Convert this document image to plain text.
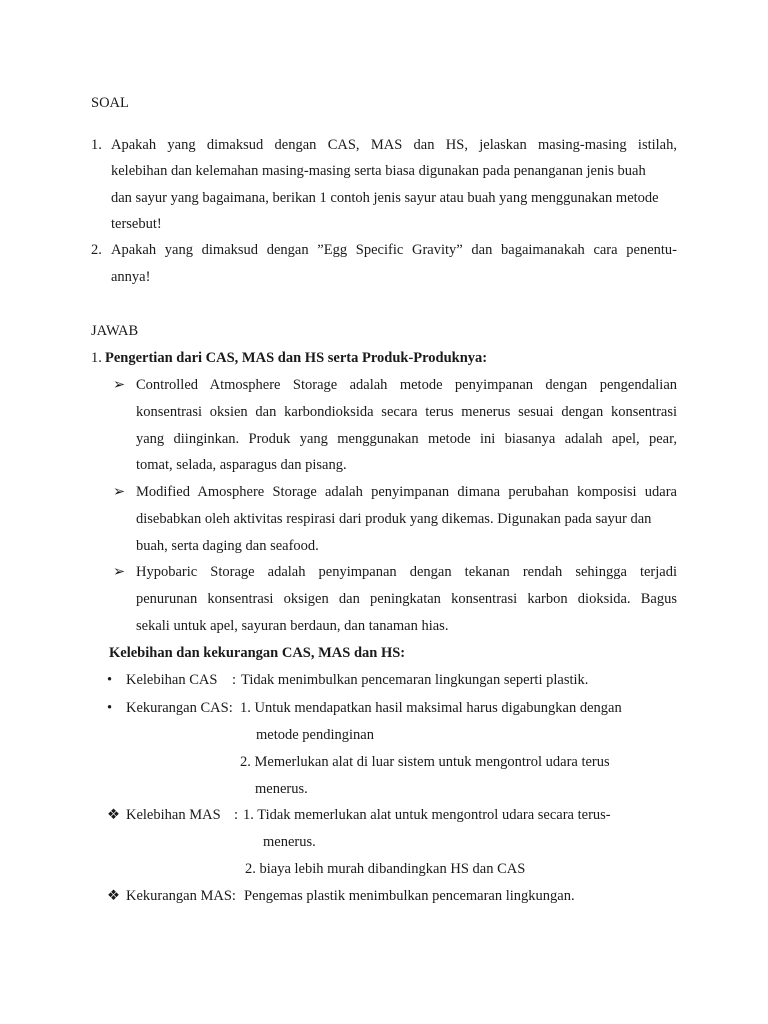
SOAL
1. Apakah yang dimaksud dengan CAS, MAS dan HS, jelaskan masing-masing istilah,
kelebihan dan kelemahan masing-masing serta biasa digunakan pada penanganan jenis buah
dan sayur yang bagaimana, berikan 1 contoh jenis sayur atau buah yang menggunakan metode
tersebut!
2. Apakah yang dimaksud dengan ”Egg Specific Gravity” dan bagaimanakah cara penentu-
annya!
JAWAB
1. Pengertian dari CAS, MAS dan HS serta Produk-Produknya:
➢ Controlled Atmosphere Storage adalah metode penyimpanan dengan pengendalian
konsentrasi oksien dan karbondioksida secara terus menerus sesuai dengan konsentrasi
yang diinginkan. Produk yang menggunakan metode ini biasanya adalah apel, pear,
tomat, selada, asparagus dan pisang.
➢ Modified Amosphere Storage adalah penyimpanan dimana perubahan komposisi udara
disebabkan oleh aktivitas respirasi dari produk yang dikemas. Digunakan pada sayur dan
buah, serta daging dan seafood.
➢ Hypobaric Storage adalah penyimpanan dengan tekanan rendah sehingga terjadi
penurunan konsentrasi oksigen dan peningkatan konsentrasi karbon dioksida. Bagus
sekali untuk apel, sayuran berdaun, dan tanaman hias.
Kelebihan dan kekurangan CAS, MAS dan HS:
• Kelebihan CAS : Tidak menimbulkan pencemaran lingkungan seperti plastik.
• Kekurangan CAS: 1. Untuk mendapatkan hasil maksimal harus digabungkan dengan
metode pendinginan
2. Memerlukan alat di luar sistem untuk mengontrol udara terus
menerus.
❖ Kelebihan MAS : 1. Tidak memerlukan alat untuk mengontrol udara secara terus-
menerus.
2. biaya lebih murah dibandingkan HS dan CAS
❖ Kekurangan MAS: Pengemas plastik menimbulkan pencemaran lingkungan.
